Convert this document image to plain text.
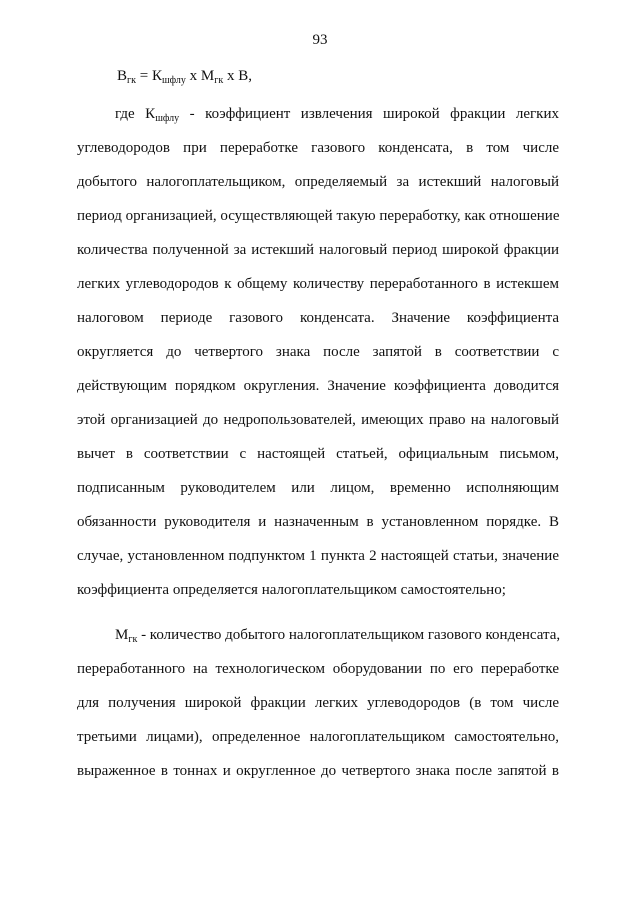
93
$В_{гк} = К_{шфлу}$ х $М_{гк}$ х В,
где $К_{шфлу}$ - коэффициент извлечения широкой фракции легких
углеводородов при переработке газового конденсата, в том числе
добытого налогоплательщиком, определяемый за истекший налоговый
период организацией, осуществляющей такую переработку, как отношение
количества полученной за истекший налоговый период широкой фракции
легких углеводородов к общему количеству переработанного в истекшем
налоговом периоде газового конденсата. Значение коэффициента
округляется до четвертого знака после запятой в соответствии с
действующим порядком округления. Значение коэффициента доводится
этой организацией до недропользователей, имеющих право на налоговый
вычет в соответствии с настоящей статьей, официальным письмом,
подписанным руководителем или лицом, временно исполняющим
обязанности руководителя и назначенным в установленном порядке. В
случае, установленном подпунктом 1 пункта 2 настоящей статьи, значение
коэффициента определяется налогоплательщиком самостоятельно;
$М_{гк}$ - количество добытого налогоплательщиком газового конденсата,
переработанного на технологическом оборудовании по его переработке
для получения широкой фракции легких углеводородов (в том числе
третьими лицами), определенное налогоплательщиком самостоятельно,
выраженное в тоннах и округленное до четвертого знака после запятой в
